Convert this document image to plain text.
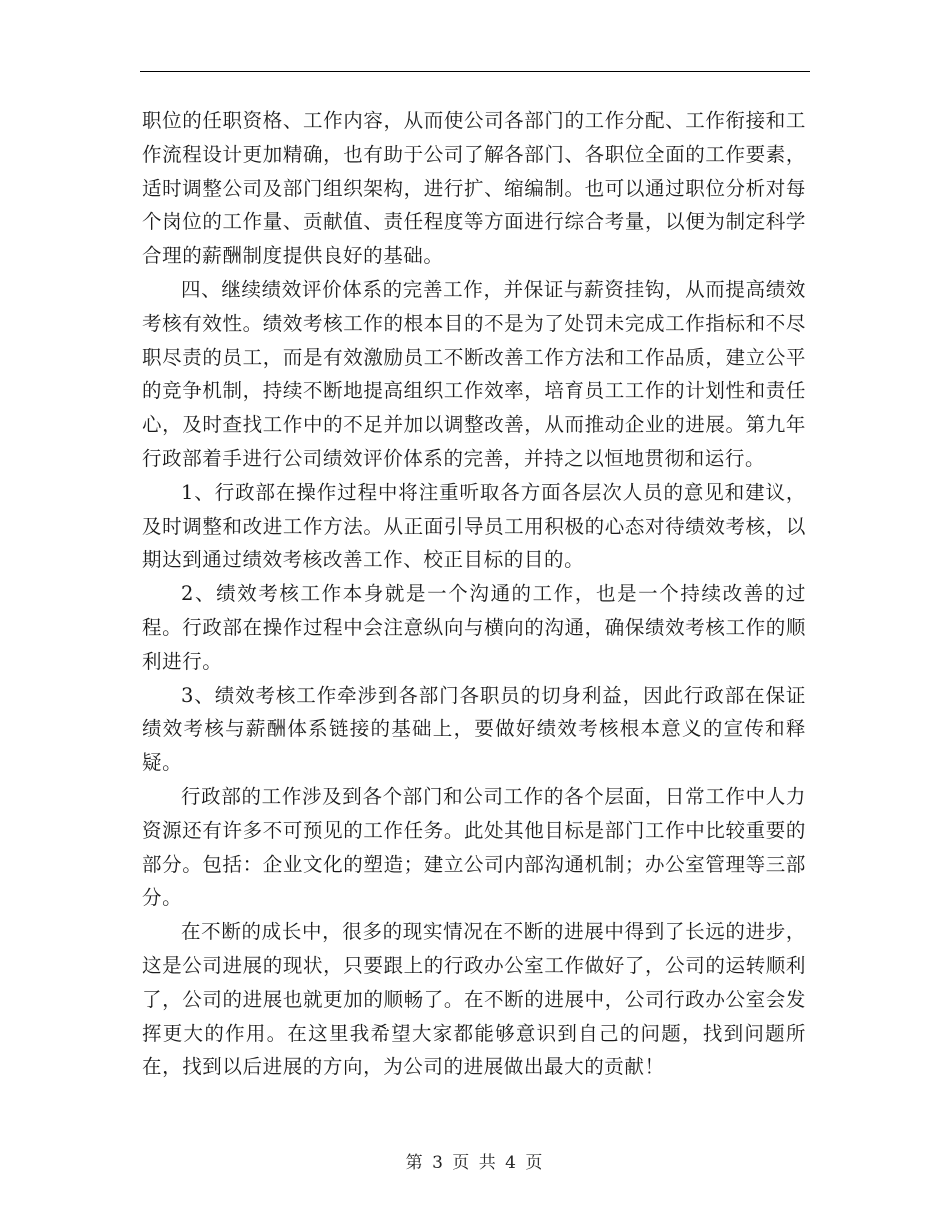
职位的任职资格、工作内容，从而使公司各部门的工作分配、工作衔接和工作流程设计更加精确，也有助于公司了解各部门、各职位全面的工作要素，适时调整公司及部门组织架构，进行扩、缩编制。也可以通过职位分析对每个岗位的工作量、贡献值、责任程度等方面进行综合考量，以便为制定科学合理的薪酬制度提供良好的基础。

四、继续绩效评价体系的完善工作，并保证与薪资挂钩，从而提高绩效考核有效性。绩效考核工作的根本目的不是为了处罚未完成工作指标和不尽职尽责的员工，而是有效激励员工不断改善工作方法和工作品质，建立公平的竞争机制，持续不断地提高组织工作效率，培育员工工作的计划性和责任心，及时查找工作中的不足并加以调整改善，从而推动企业的进展。第九年行政部着手进行公司绩效评价体系的完善，并持之以恒地贯彻和运行。

1、行政部在操作过程中将注重听取各方面各层次人员的意见和建议，及时调整和改进工作方法。从正面引导员工用积极的心态对待绩效考核，以期达到通过绩效考核改善工作、校正目标的目的。

2、绩效考核工作本身就是一个沟通的工作，也是一个持续改善的过程。行政部在操作过程中会注意纵向与横向的沟通，确保绩效考核工作的顺利进行。

3、绩效考核工作牵涉到各部门各职员的切身利益，因此行政部在保证绩效考核与薪酬体系链接的基础上，要做好绩效考核根本意义的宣传和释疑。

行政部的工作涉及到各个部门和公司工作的各个层面，日常工作中人力资源还有许多不可预见的工作任务。此处其他目标是部门工作中比较重要的部分。包括：企业文化的塑造；建立公司内部沟通机制；办公室管理等三部分。

在不断的成长中，很多的现实情况在不断的进展中得到了长远的进步，这是公司进展的现状，只要跟上的行政办公室工作做好了，公司的运转顺利了，公司的进展也就更加的顺畅了。在不断的进展中，公司行政办公室会发挥更大的作用。在这里我希望大家都能够意识到自己的问题，找到问题所在，找到以后进展的方向，为公司的进展做出最大的贡献！

第 3 页 共 4 页
